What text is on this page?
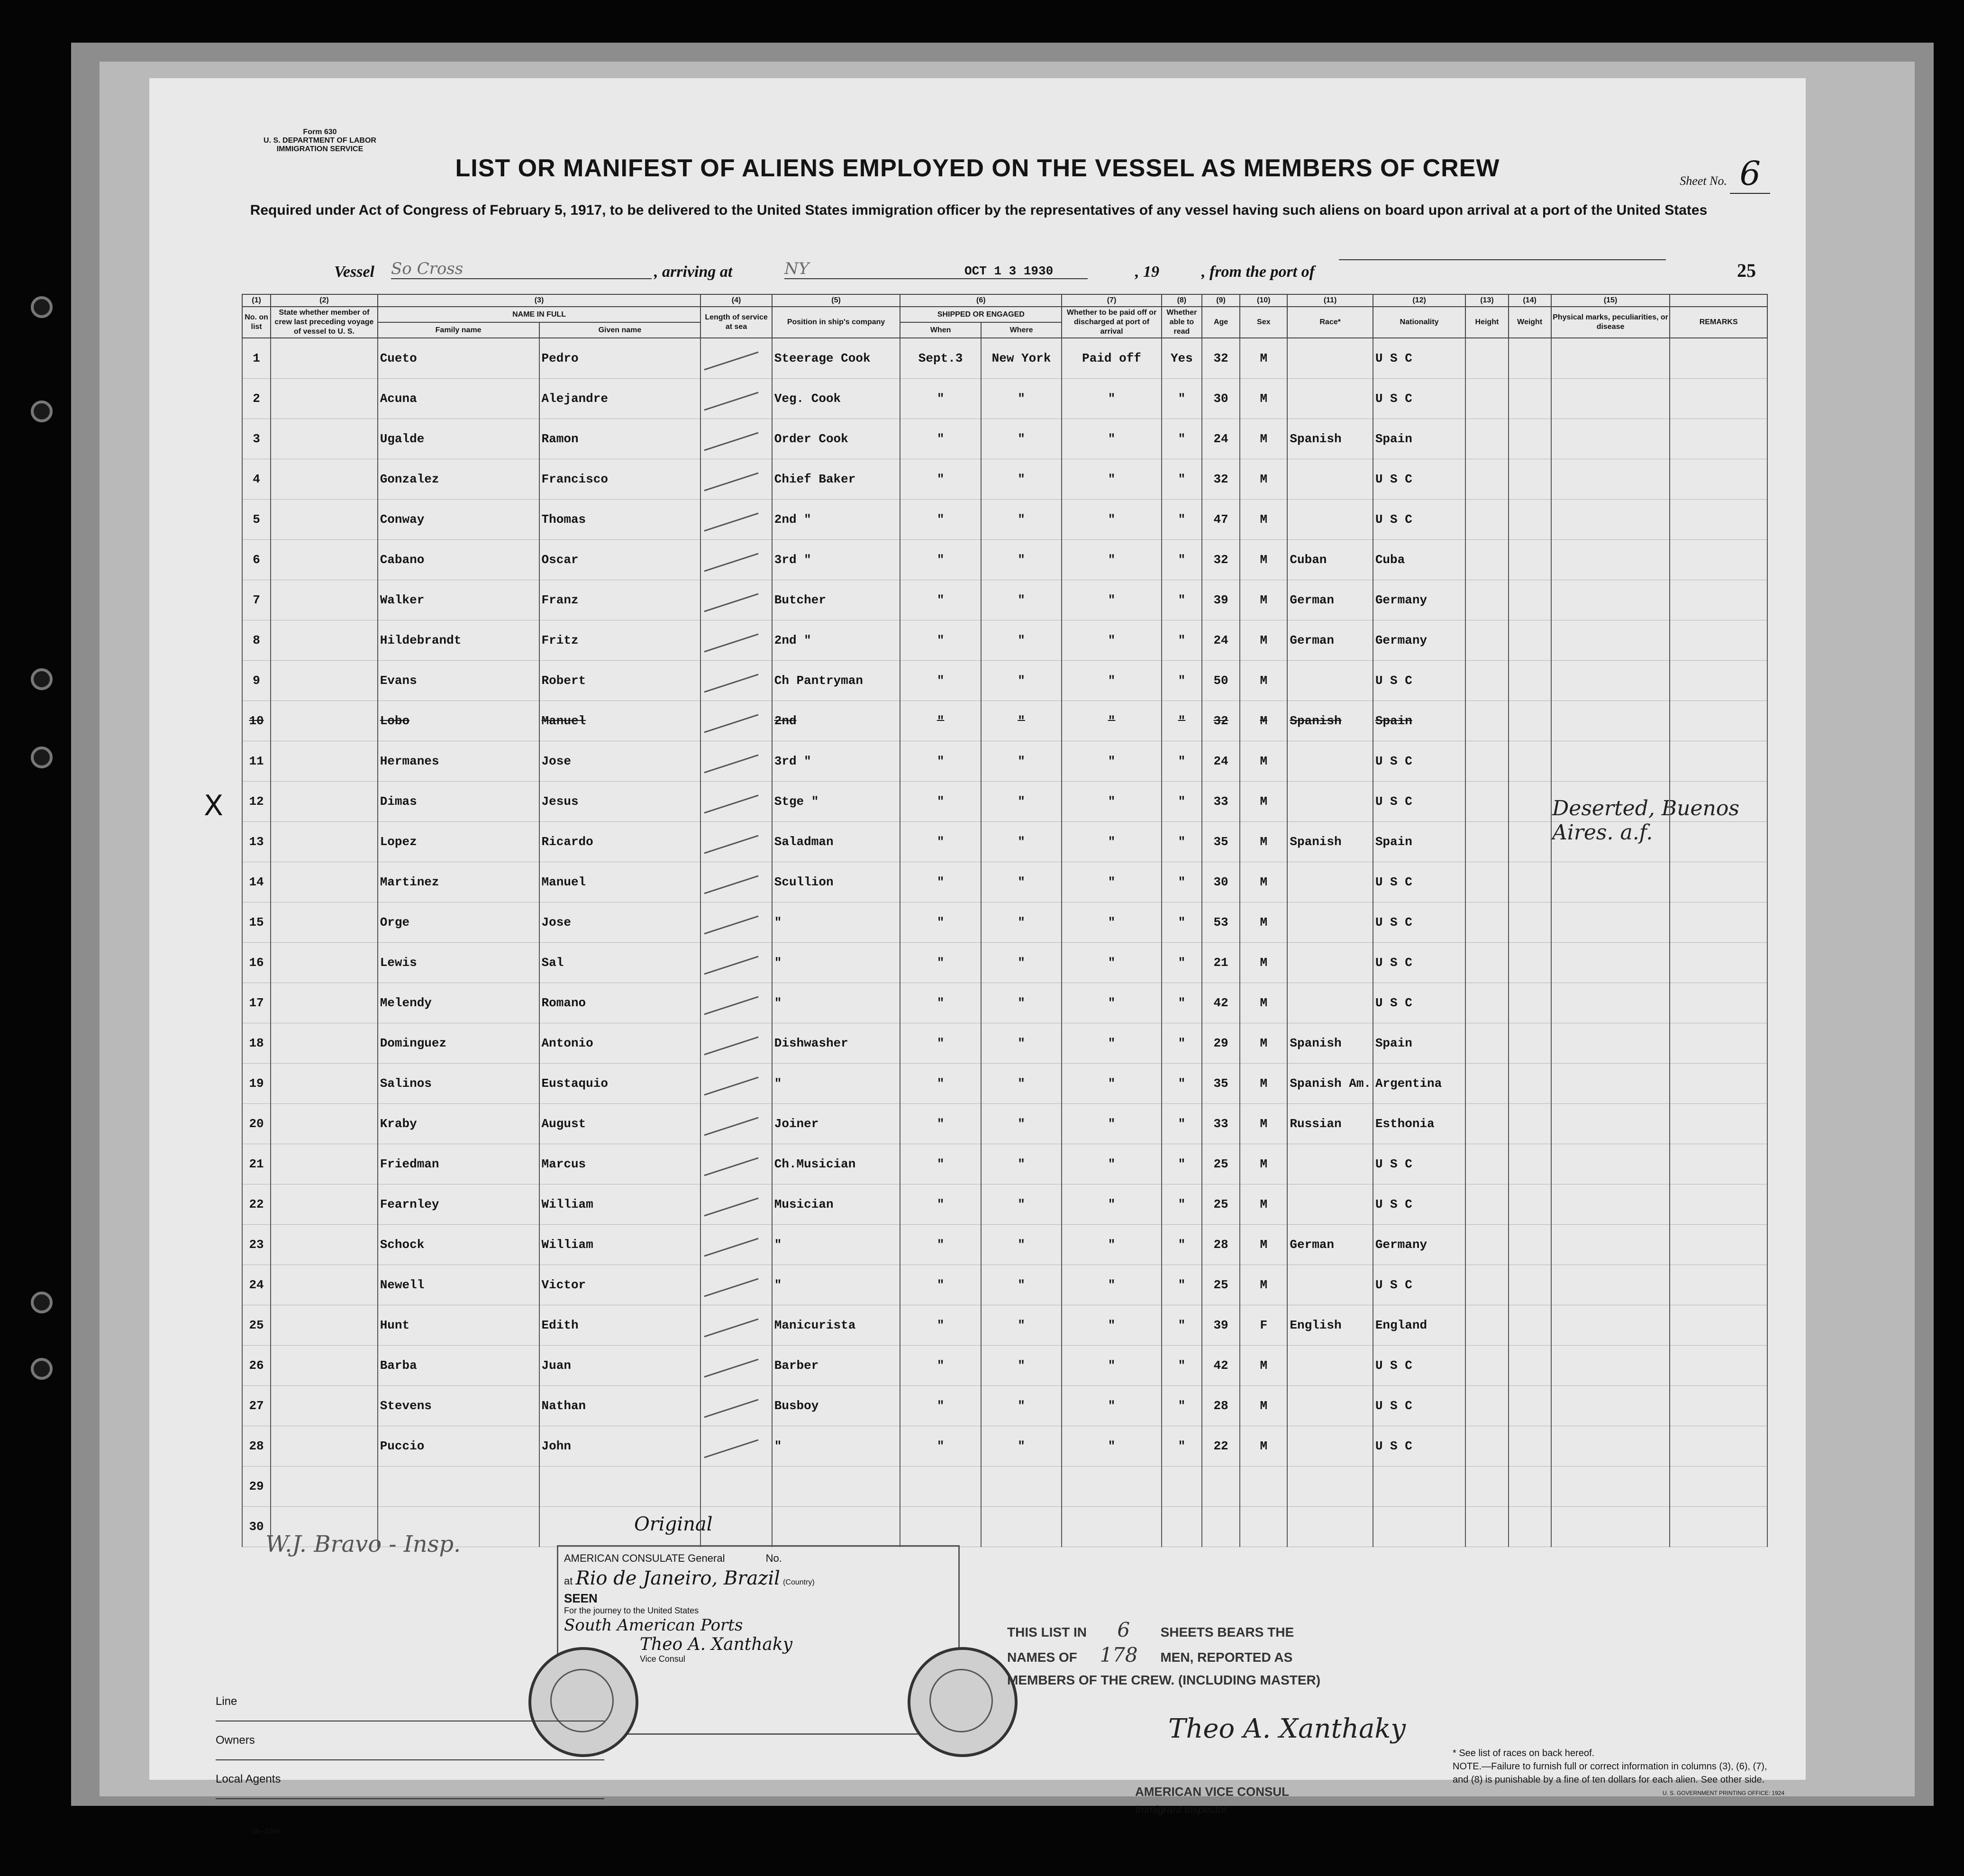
Form 630
U. S. DEPARTMENT OF LABOR
IMMIGRATION SERVICE
LIST OR MANIFEST OF ALIENS EMPLOYED ON THE VESSEL AS MEMBERS OF CREW	Sheet No. 6
Required under Act of Congress of February 5, 1917, to be delivered to the United States immigration officer by the representatives of any vessel having such aliens on board upon arrival at a port of the United States
Vessel So Cross	, arriving at	NY	OCT 1 3 1930	, 19	, from the port of	25
X	Deserted, Buenos Aires. a.f.
(1)	(2)	(3)		(4)	(5)	(6)		(7)	(8)	(9)	(10)	(11)	(12)	(13)	(14)	(15)	
No. on list	State whether member of crew last preceding voyage of vessel to U. S.	NAME IN FULL		Length of service at sea	Position in ship's company	SHIPPED OR ENGAGED		Whether to be paid off or discharged at port of arrival	Whether able to read	Age	Sex	Race*	Nationality	Height	Weight	Physical marks, peculiarities, or disease	REMARKS
		Family name	Given name			When	Where										
1		Cueto	Pedro		Steerage Cook	Sept.3	New York	Paid off	Yes	32	M		U S C				
2		Acuna	Alejandre		Veg. Cook	"	"	"	"	30	M		U S C				
3		Ugalde	Ramon		Order Cook	"	"	"	"	24	M	Spanish	Spain				
4		Gonzalez	Francisco		Chief Baker	"	"	"	"	32	M		U S C				
5		Conway	Thomas		2nd "	"	"	"	"	47	M		U S C				
6		Cabano	Oscar		3rd "	"	"	"	"	32	M	Cuban	Cuba				
7		Walker	Franz		Butcher	"	"	"	"	39	M	German	Germany				
8		Hildebrandt	Fritz		2nd "	"	"	"	"	24	M	German	Germany				
9		Evans	Robert		Ch Pantryman	"	"	"	"	50	M		U S C				
10		Lobo	Manuel		2nd	"	"	"	"	32	M	Spanish	Spain				
11		Hermanes	Jose		3rd "	"	"	"	"	24	M		U S C				
12		Dimas	Jesus		Stge "	"	"	"	"	33	M		U S C				
13		Lopez	Ricardo		Saladman	"	"	"	"	35	M	Spanish	Spain				
14		Martinez	Manuel		Scullion	"	"	"	"	30	M		U S C				
15		Orge	Jose		"	"	"	"	"	53	M		U S C				
16		Lewis	Sal		"	"	"	"	"	21	M		U S C				
17		Melendy	Romano		"	"	"	"	"	42	M		U S C				
18		Dominguez	Antonio		Dishwasher	"	"	"	"	29	M	Spanish	Spain				
19		Salinos	Eustaquio		"	"	"	"	"	35	M	Spanish Am.	Argentina				
20		Kraby	August		Joiner	"	"	"	"	33	M	Russian	Esthonia				
21		Friedman	Marcus		Ch.Musician	"	"	"	"	25	M		U S C				
22		Fearnley	William		Musician	"	"	"	"	25	M		U S C				
23		Schock	William		"	"	"	"	"	28	M	German	Germany				
24		Newell	Victor		"	"	"	"	"	25	M		U S C				
25		Hunt	Edith		Manicurista	"	"	"	"	39	F	English	England				
26		Barba	Juan		Barber	"	"	"	"	42	M		U S C				
27		Stevens	Nathan		Busboy	"	"	"	"	28	M		U S C				
28		Puccio	John		"	"	"	"	"	22	M		U S C				
29																	
30																	
W.J. Bravo - Insp.
Original
AMERICAN CONSULATE General	No.
at Rio de Janeiro, Brazil (Country)
SEEN
For the journey to the United States
South American Ports
Theo A. Xanthaky
Vice Consul
THIS LIST IN 6 SHEETS BEARS THE
NAMES OF 178 MEN, REPORTED AS
MEMBERS OF THE CREW. (INCLUDING MASTER)
Theo A. Xanthaky
AMERICAN VICE CONSUL
Immigrant Inspector.
Line
Owners
Local Agents
14—1240
* See list of races on back hereof.
NOTE.—Failure to furnish full or correct information in columns (3), (6), (7), and (8) is punishable by a fine of ten dollars for each alien. See other side.
U. S. GOVERNMENT PRINTING OFFICE: 1924
